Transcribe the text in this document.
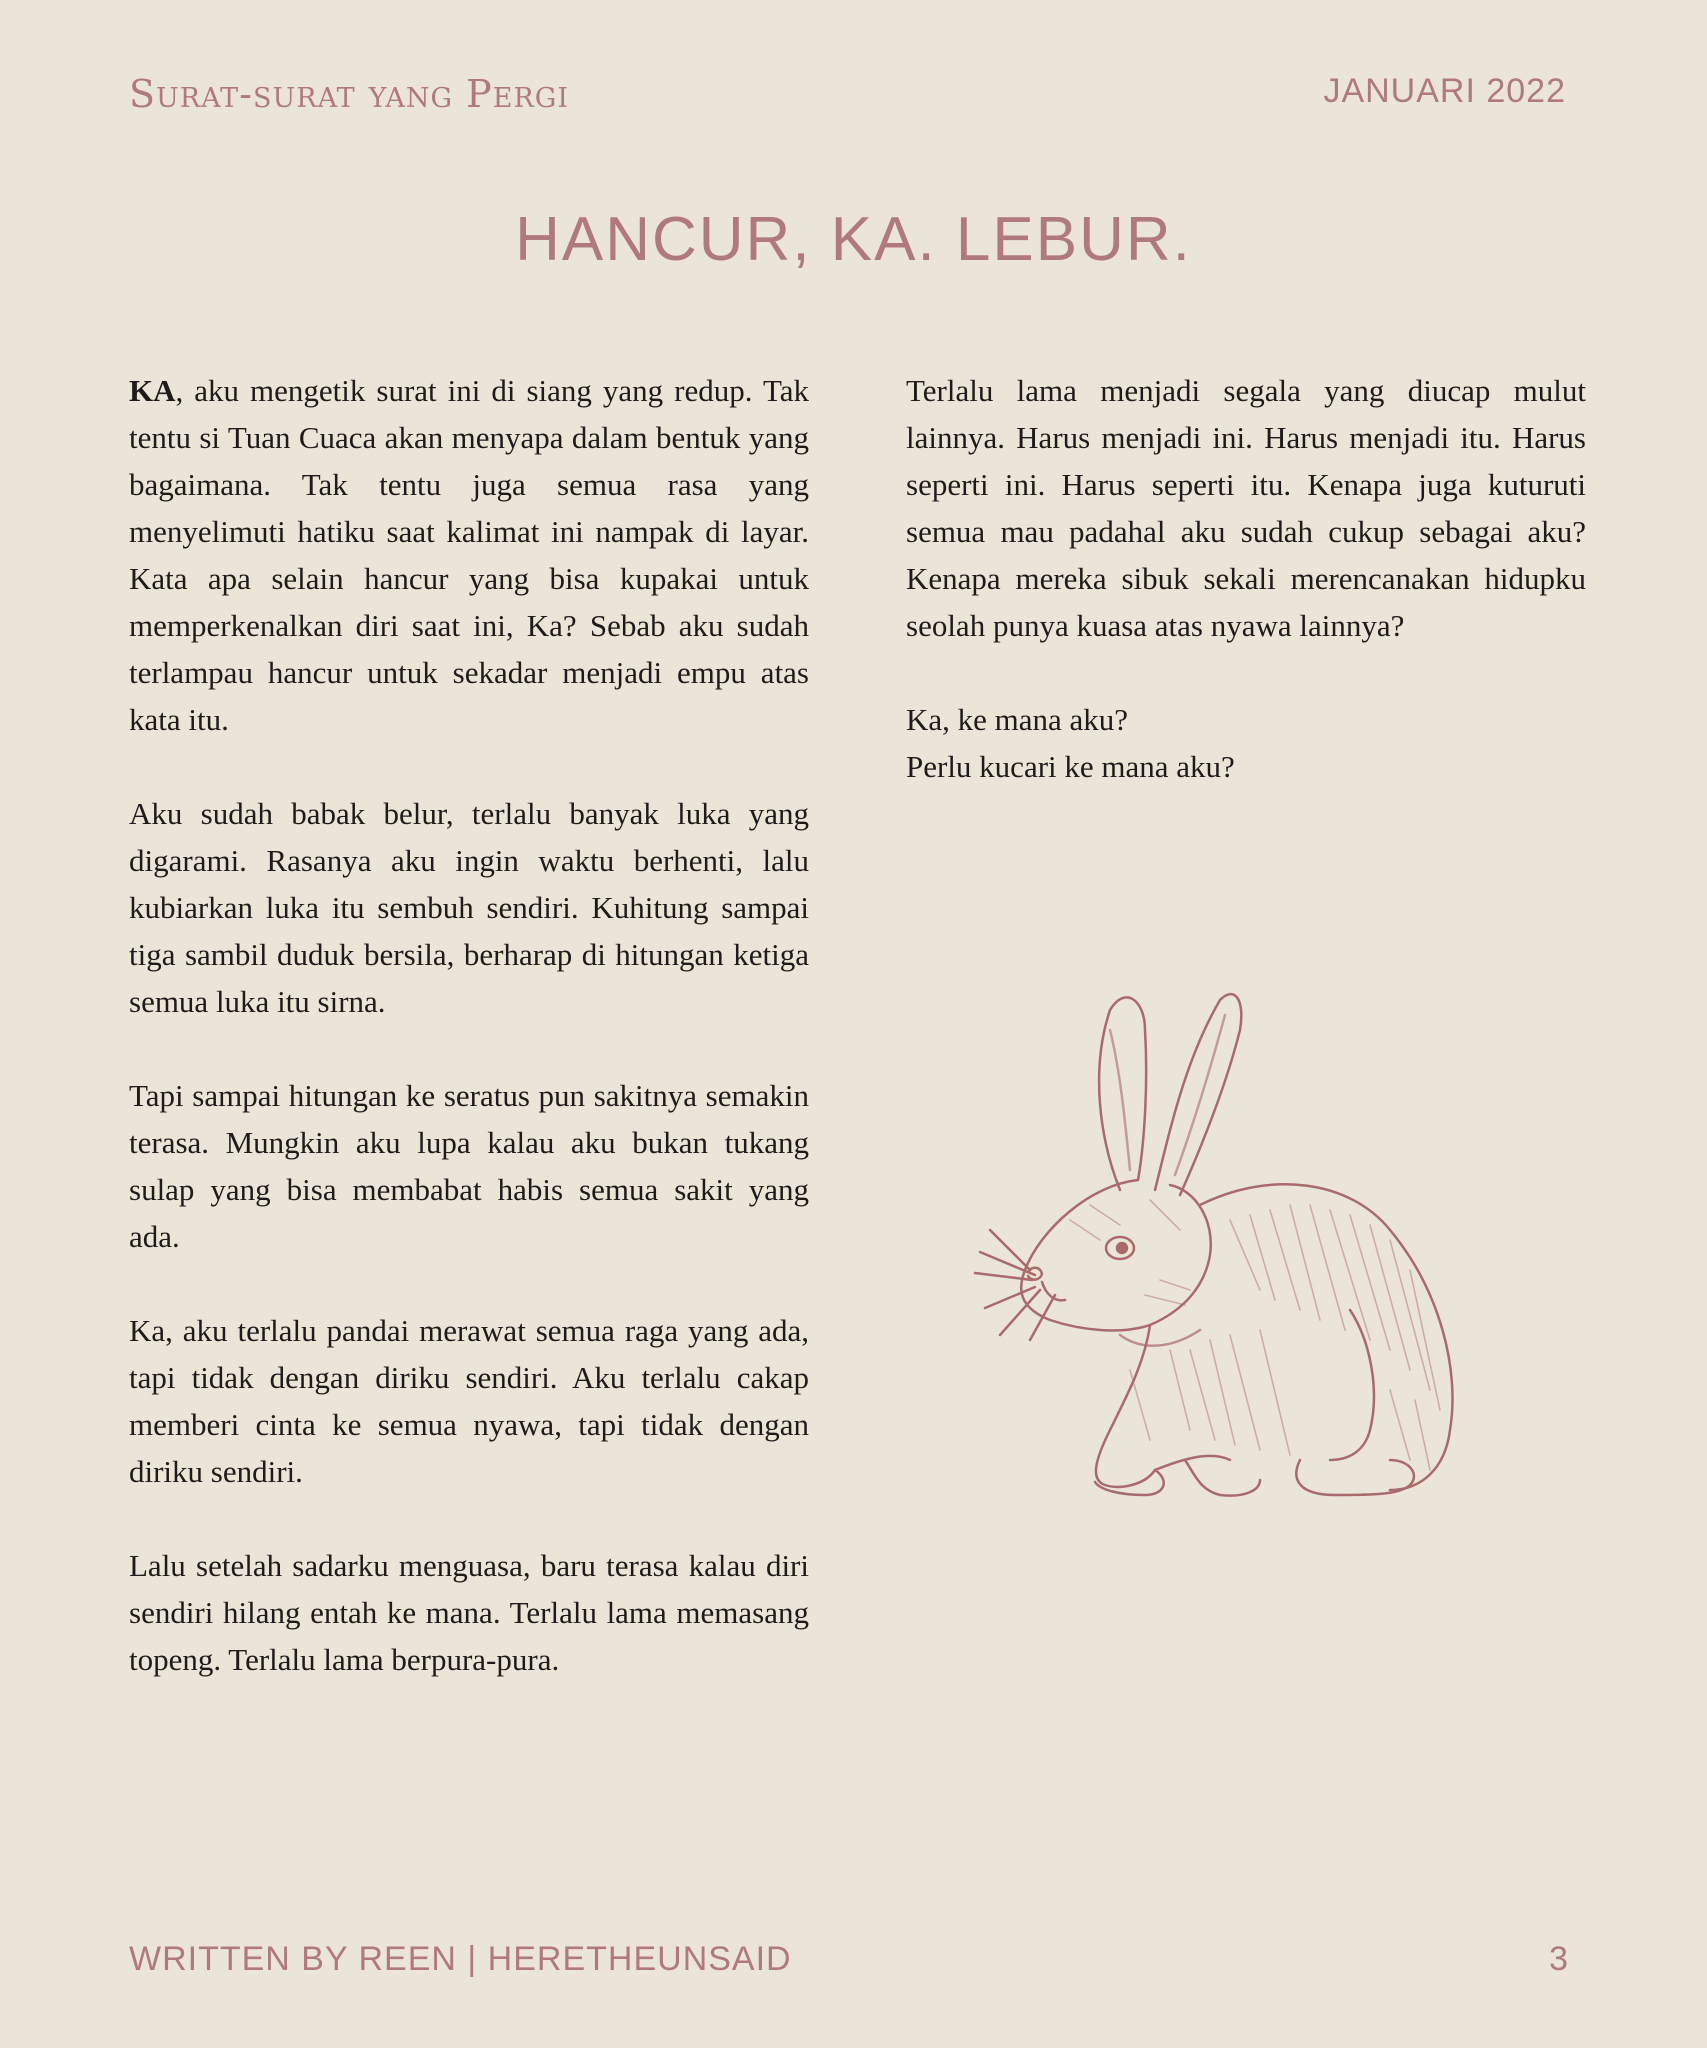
Surat-surat yang Pergi	JANUARI 2022
HANCUR, KA. LEBUR.

KA, aku mengetik surat ini di siang yang redup. Tak tentu si Tuan Cuaca akan menyapa dalam bentuk yang bagaimana. Tak tentu juga semua rasa yang menyelimuti hatiku saat kalimat ini nampak di layar. Kata apa selain hancur yang bisa kupakai untuk memperkenalkan diri saat ini, Ka? Sebab aku sudah terlampau hancur untuk sekadar menjadi empu atas kata itu.

Aku sudah babak belur, terlalu banyak luka yang digarami. Rasanya aku ingin waktu berhenti, lalu kubiarkan luka itu sembuh sendiri. Kuhitung sampai tiga sambil duduk bersila, berharap di hitungan ketiga semua luka itu sirna.

Tapi sampai hitungan ke seratus pun sakitnya semakin terasa. Mungkin aku lupa kalau aku bukan tukang sulap yang bisa membabat habis semua sakit yang ada.

Ka, aku terlalu pandai merawat semua raga yang ada, tapi tidak dengan diriku sendiri. Aku terlalu cakap memberi cinta ke semua nyawa, tapi tidak dengan diriku sendiri.

Lalu setelah sadarku menguasa, baru terasa kalau diri sendiri hilang entah ke mana. Terlalu lama memasang topeng. Terlalu lama berpura-pura.

Terlalu lama menjadi segala yang diucap mulut lainnya. Harus menjadi ini. Harus menjadi itu. Harus seperti ini. Harus seperti itu. Kenapa juga kuturuti semua mau padahal aku sudah cukup sebagai aku? Kenapa mereka sibuk sekali merencanakan hidupku seolah punya kuasa atas nyawa lainnya?

Ka, ke mana aku?
Perlu kucari ke mana aku?

WRITTEN BY REEN | HERETHEUNSAID	3
